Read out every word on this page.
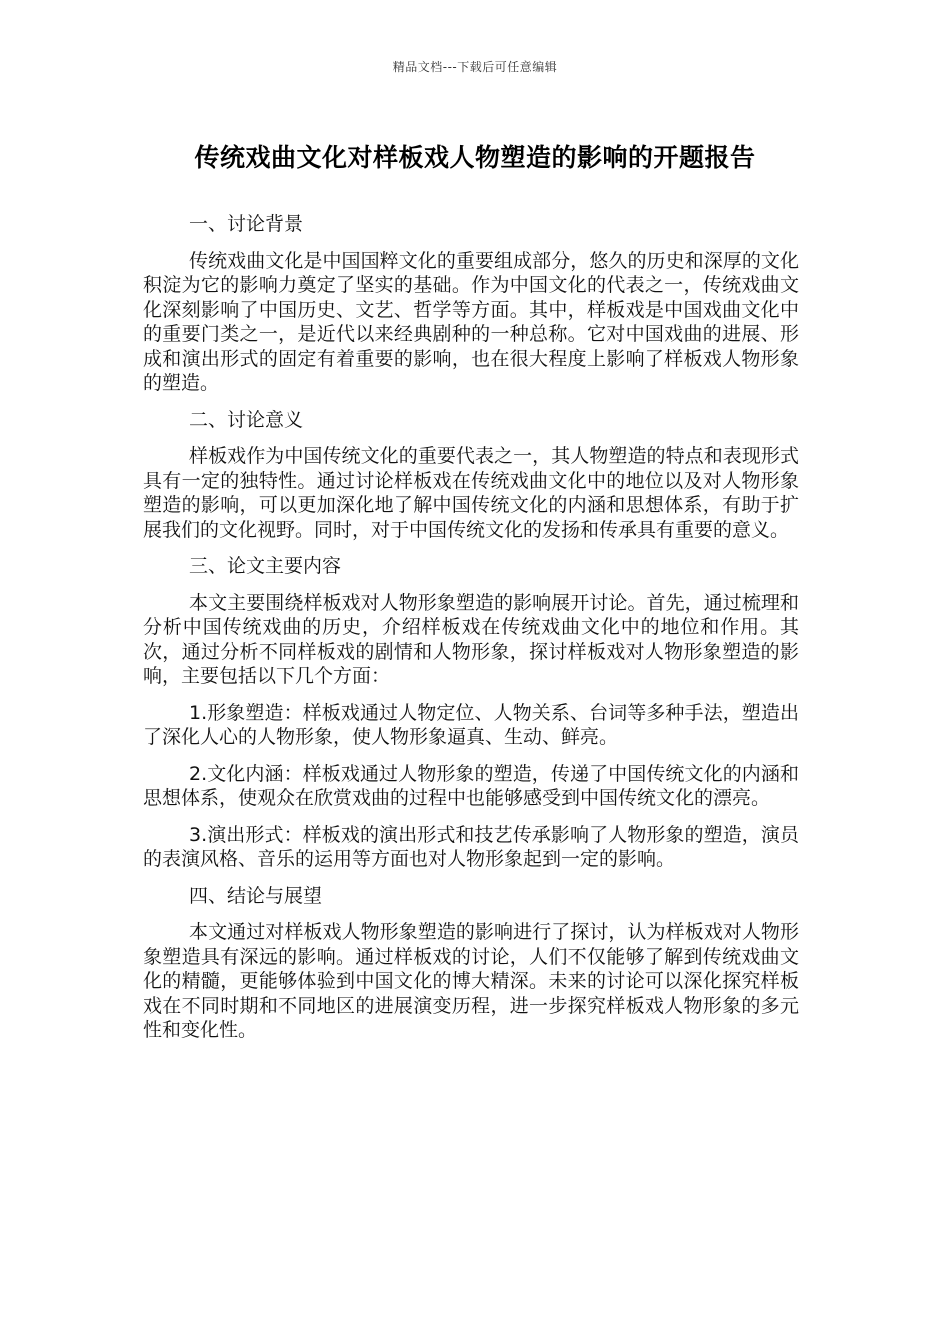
精品文档---下载后可任意编辑
传统戏曲文化对样板戏人物塑造的影响的开题报告

一、讨论背景

传统戏曲文化是中国国粹文化的重要组成部分，悠久的历史和深厚的文化积淀为它的影响力奠定了坚实的基础。作为中国文化的代表之一，传统戏曲文化深刻影响了中国历史、文艺、哲学等方面。其中，样板戏是中国戏曲文化中的重要门类之一，是近代以来经典剧种的一种总称。它对中国戏曲的进展、形成和演出形式的固定有着重要的影响，也在很大程度上影响了样板戏人物形象的塑造。

二、讨论意义

样板戏作为中国传统文化的重要代表之一，其人物塑造的特点和表现形式具有一定的独特性。通过讨论样板戏在传统戏曲文化中的地位以及对人物形象塑造的影响，可以更加深化地了解中国传统文化的内涵和思想体系，有助于扩展我们的文化视野。同时，对于中国传统文化的发扬和传承具有重要的意义。

三、论文主要内容

本文主要围绕样板戏对人物形象塑造的影响展开讨论。首先，通过梳理和分析中国传统戏曲的历史，介绍样板戏在传统戏曲文化中的地位和作用。其次，通过分析不同样板戏的剧情和人物形象，探讨样板戏对人物形象塑造的影响，主要包括以下几个方面：

1.形象塑造：样板戏通过人物定位、人物关系、台词等多种手法，塑造出了深化人心的人物形象，使人物形象逼真、生动、鲜亮。

2.文化内涵：样板戏通过人物形象的塑造，传递了中国传统文化的内涵和思想体系，使观众在欣赏戏曲的过程中也能够感受到中国传统文化的漂亮。

3.演出形式：样板戏的演出形式和技艺传承影响了人物形象的塑造，演员的表演风格、音乐的运用等方面也对人物形象起到一定的影响。

四、结论与展望

本文通过对样板戏人物形象塑造的影响进行了探讨，认为样板戏对人物形象塑造具有深远的影响。通过样板戏的讨论，人们不仅能够了解到传统戏曲文化的精髓，更能够体验到中国文化的博大精深。未来的讨论可以深化探究样板戏在不同时期和不同地区的进展演变历程，进一步探究样板戏人物形象的多元性和变化性。
